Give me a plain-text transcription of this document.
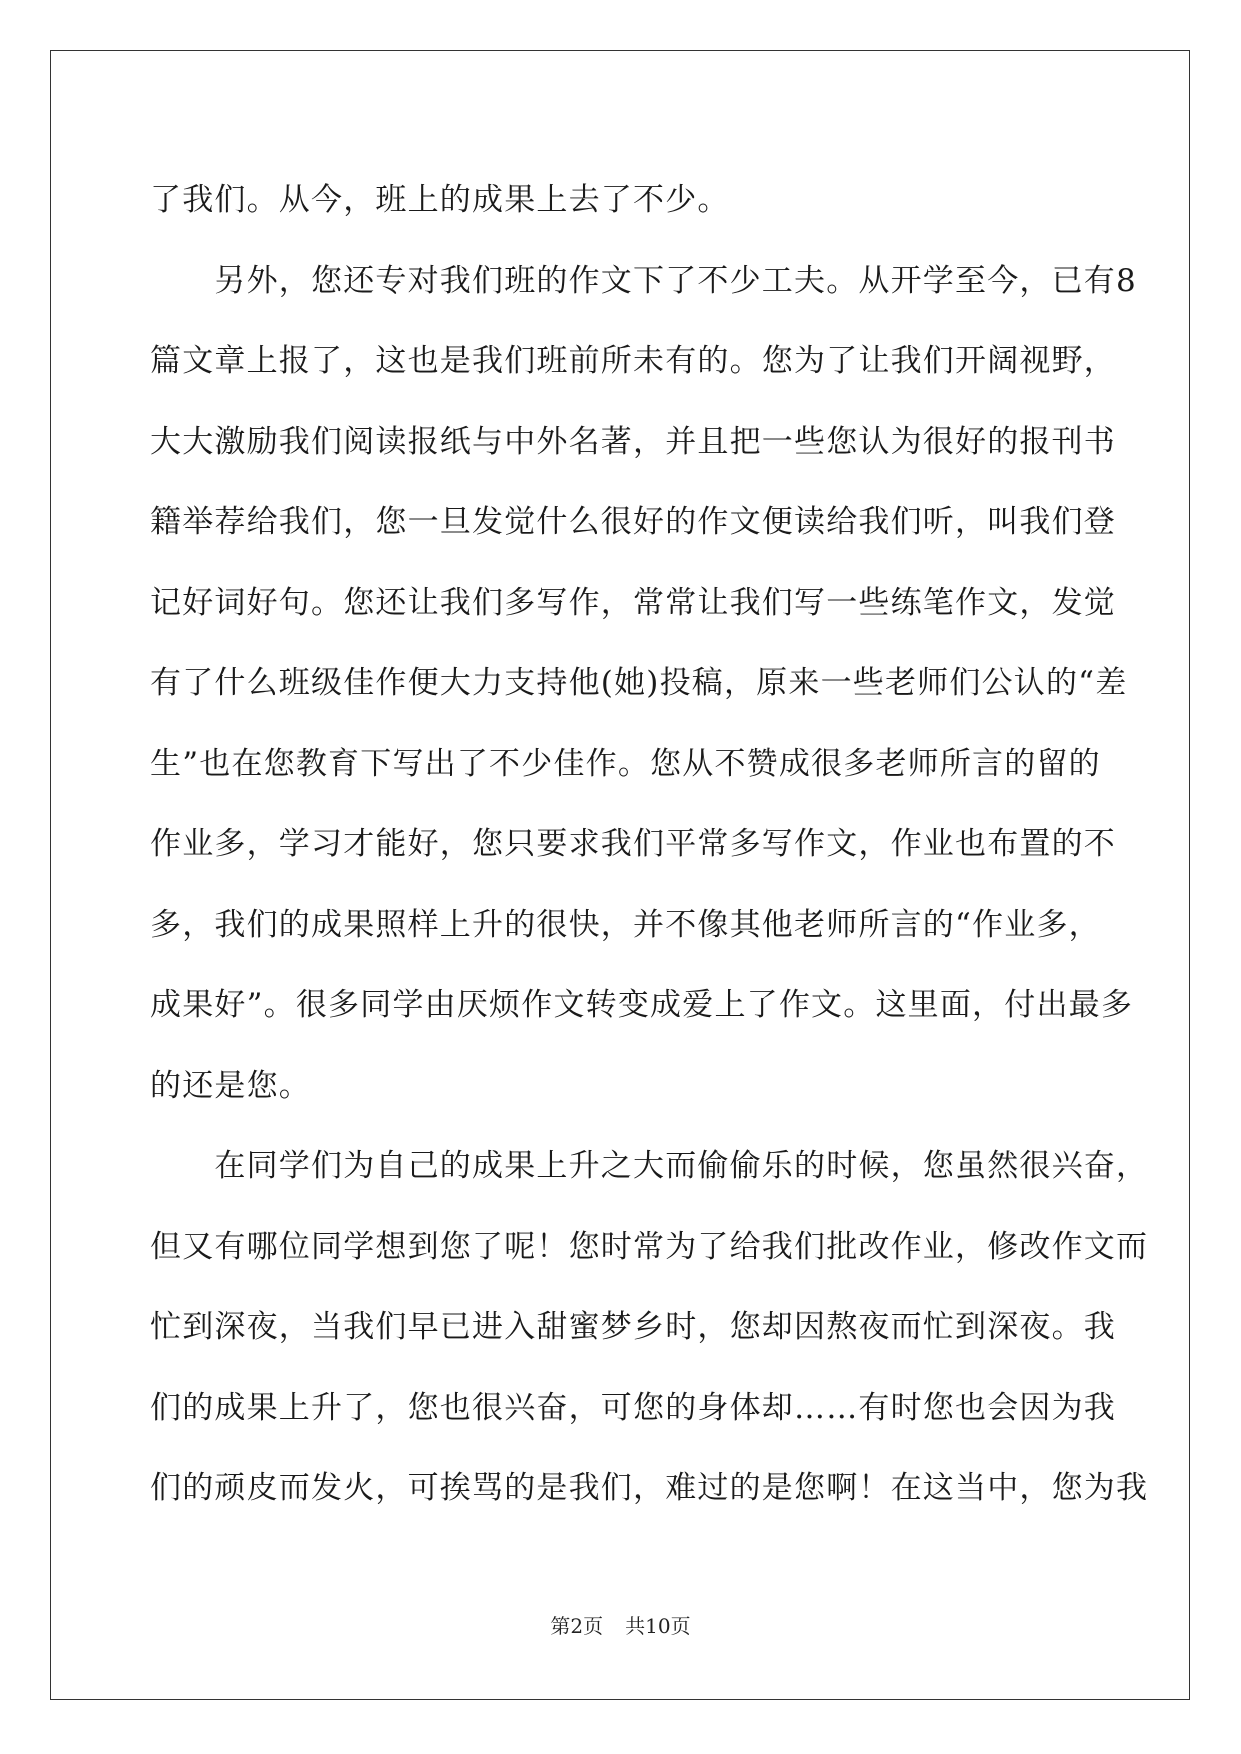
了我们。从今，班上的成果上去了不少。
　　另外，您还专对我们班的作文下了不少工夫。从开学至今，已有8
篇文章上报了，这也是我们班前所未有的。您为了让我们开阔视野，
大大激励我们阅读报纸与中外名著，并且把一些您认为很好的报刊书
籍举荐给我们，您一旦发觉什么很好的作文便读给我们听，叫我们登
记好词好句。您还让我们多写作，常常让我们写一些练笔作文，发觉
有了什么班级佳作便大力支持他(她)投稿，原来一些老师们公认的“差
生”也在您教育下写出了不少佳作。您从不赞成很多老师所言的留的
作业多，学习才能好，您只要求我们平常多写作文，作业也布置的不
多，我们的成果照样上升的很快，并不像其他老师所言的“作业多，
成果好”。很多同学由厌烦作文转变成爱上了作文。这里面，付出最多
的还是您。
　　在同学们为自己的成果上升之大而偷偷乐的时候，您虽然很兴奋，
但又有哪位同学想到您了呢！您时常为了给我们批改作业，修改作文而
忙到深夜，当我们早已进入甜蜜梦乡时，您却因熬夜而忙到深夜。我
们的成果上升了，您也很兴奋，可您的身体却……有时您也会因为我
们的顽皮而发火，可挨骂的是我们，难过的是您啊！在这当中，您为我
第2页 共10页
